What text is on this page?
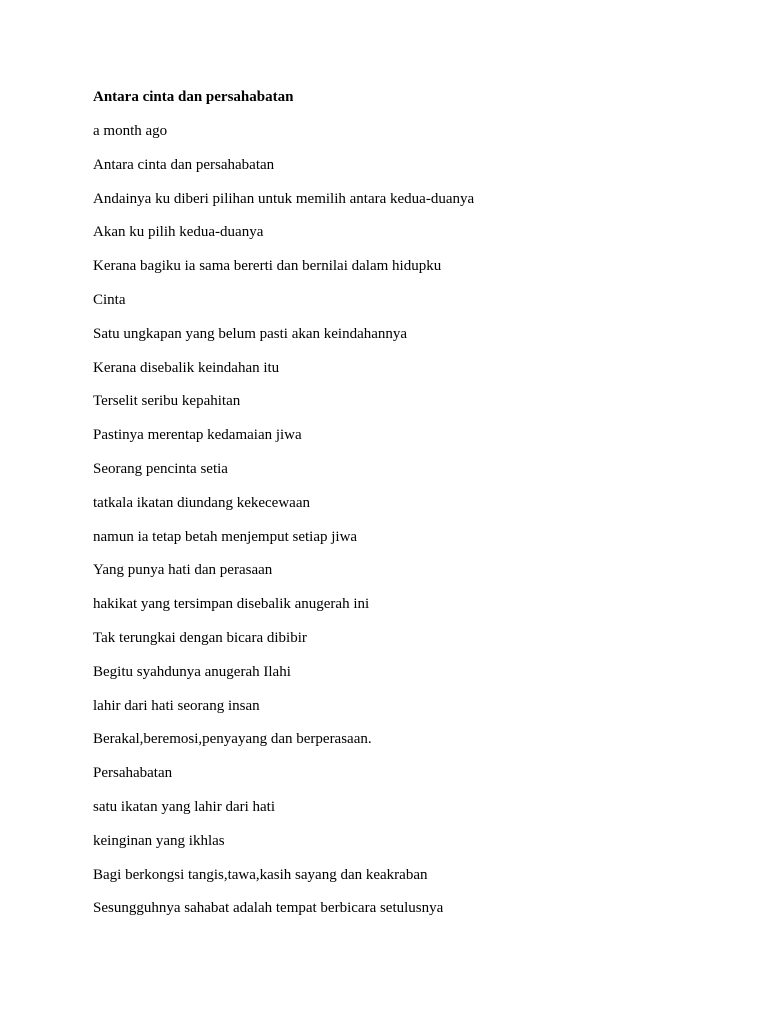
Antara cinta dan persahabatan
a month ago
Antara cinta dan persahabatan
Andainya ku diberi pilihan untuk memilih antara kedua-duanya
Akan ku pilih kedua-duanya
Kerana bagiku ia sama bererti dan bernilai dalam hidupku
Cinta
Satu ungkapan yang belum pasti akan keindahannya
Kerana disebalik keindahan itu
Terselit seribu kepahitan
Pastinya merentap kedamaian jiwa
Seorang pencinta setia
tatkala ikatan diundang kekecewaan
namun ia tetap betah menjemput setiap jiwa
Yang punya hati dan perasaan
hakikat yang tersimpan disebalik anugerah ini
Tak terungkai dengan bicara dibibir
Begitu syahdunya anugerah Ilahi
lahir dari hati seorang insan
Berakal,beremosi,penyayang dan berperasaan.
Persahabatan
satu ikatan yang lahir dari hati
keinginan yang ikhlas
Bagi berkongsi tangis,tawa,kasih sayang dan keakraban
Sesungguhnya sahabat adalah tempat berbicara setulusnya
